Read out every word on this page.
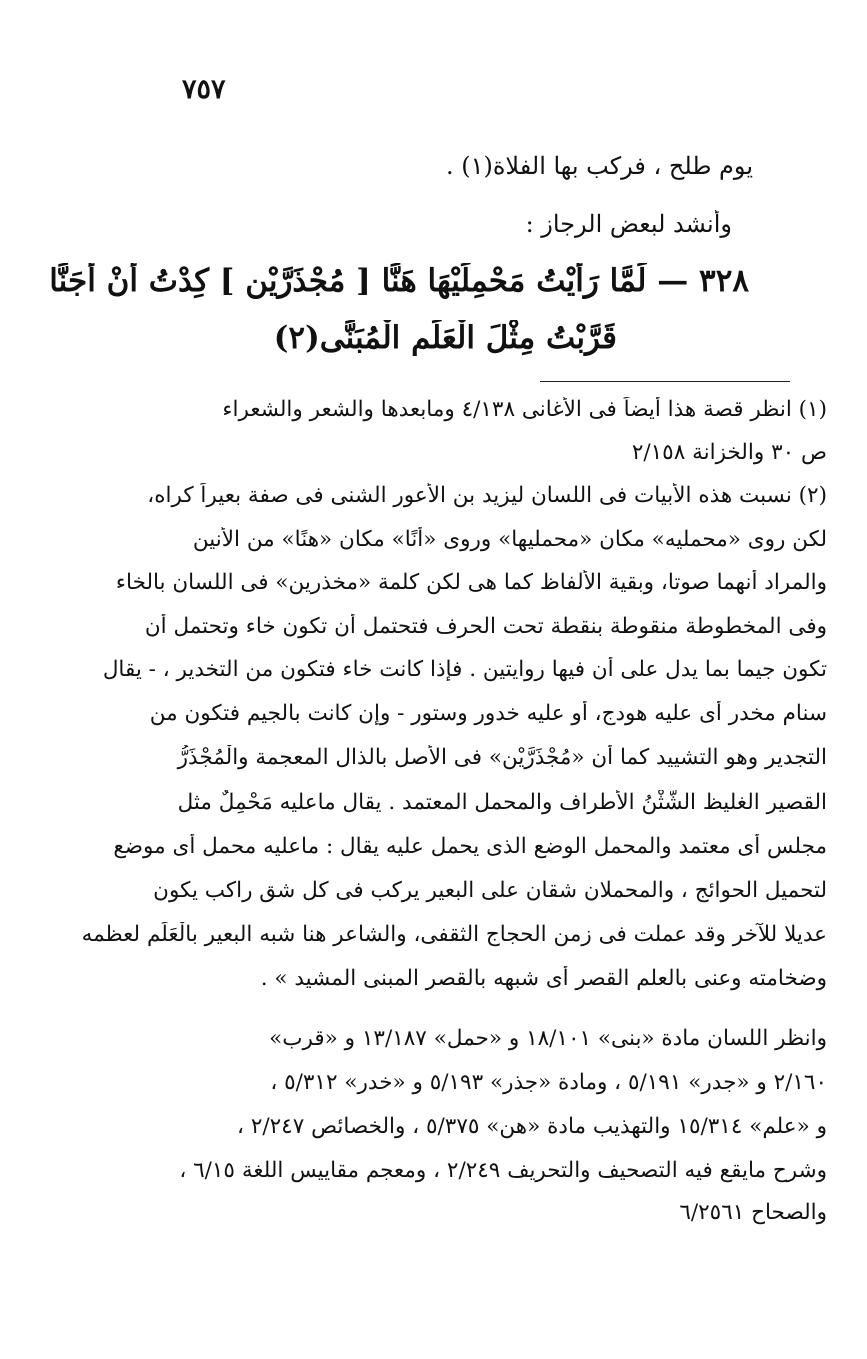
٧٥٧
يوم طلح ، فركب بها الفلاة(١) .
وأنشد لبعض الرجاز :
٣٢٨ — لَمَّا رَأَيْتُ مَحْمِلَيْهَا هَنَّا [ مُجْذَرَّيْنِ ] كِدْتُ أَنْ أُجَنَّا
قَرَّبْتُ مِثْلَ الْعَلَمِ الْمُبَنَّى(٢)
(١) انظر قصة هذا أيضاً فى الأغانى ٤/١٣٨ ومابعدها والشعر والشعراء
ص ٣٠ والخزانة ٢/١٥٨
(٢) نسبت هذه الأبيات فى اللسان ليزيد بن الأعور الشنى فى صفة بعيراً كراه،
لكن روى «محمليه» مكان «محمليها» وروى «أنًا» مكان «هنًا» من الأنين
والمراد أنهما صوتا، وبقية الألفاظ كما هى لكن كلمة «مخذرين» فى اللسان بالخاء
وفى المخطوطة منقوطة بنقطة تحت الحرف فتحتمل أن تكون خاء وتحتمل أن
تكون جيما بما يدل على أن فيها روايتين . فإذا كانت خاء فتكون من التخدير ، - يقال
سنام مخدر أى عليه هودج، أو عليه خدور وستور - وإن كانت بالجيم فتكون من
التجدير وهو التشييد كما أن «مُجْذَرَّيْنِ» فى الأصل بالذال المعجمة والْمُجْذَرُّ
القصير الغليظ الشَّثْنُ الأطراف والمحمل المعتمد . يقال ماعليه مَحْمِلٌ مثل
مجلس أى معتمد والمحمل الوضع الذى يحمل عليه يقال : ماعليه محمل أى موضع
لتحميل الحوائج ، والمحملان شقان على البعير يركب فى كل شق راكب يكون
عديلا للآخر وقد عملت فى زمن الحجاج الثقفى، والشاعر هنا شبه البعير بالْعَلَم لعظمه
وضخامته وعنى بالعلم القصر أى شبهه بالقصر المبنى المشيد » .
وانظر اللسان مادة «بنى» ١٨/١٠١ و «حمل» ١٣/١٨٧ و «قرب»
٢/١٦٠ و «جدر» ٥/١٩١ ، ومادة «جذر» ٥/١٩٣ و «خدر» ٥/٣١٢ ،
و «علم» ١٥/٣١٤ والتهذيب مادة «هن» ٥/٣٧٥ ، والخصائص ٢/٢٤٧ ،
وشرح مايقع فيه التصحيف والتحريف ٢/٢٤٩ ، ومعجم مقاييس اللغة ٦/١٥ ،
والصحاح ٦/٢٥٦١
